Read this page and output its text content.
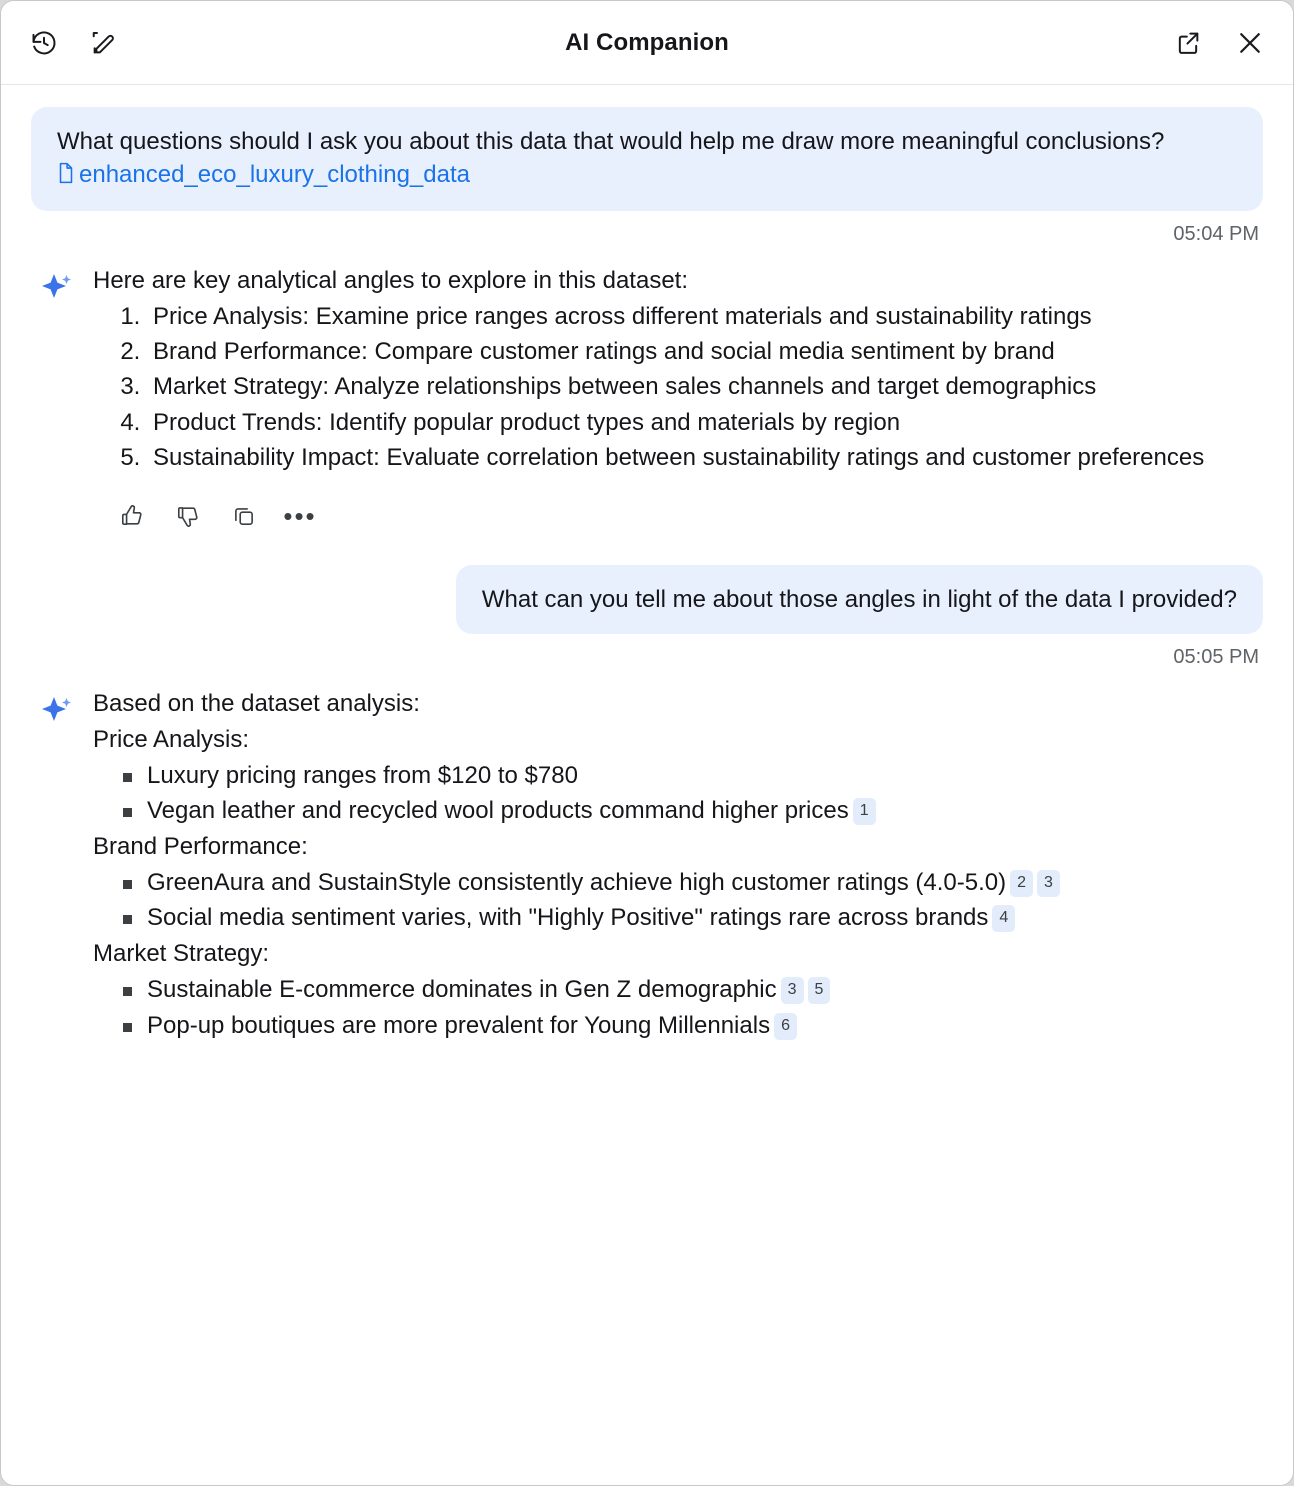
AI Companion
What questions should I ask you about this data that would help me draw more meaningful conclusions? enhanced_eco_luxury_clothing_data
05:04 PM

Here are key analytical angles to explore in this dataset:

1. Price Analysis: Examine price ranges across different materials and sustainability ratings
2. Brand Performance: Compare customer ratings and social media sentiment by brand
3. Market Strategy: Analyze relationships between sales channels and target demographics
4. Product Trends: Identify popular product types and materials by region
5. Sustainability Impact: Evaluate correlation between sustainability ratings and customer preferences
•••
What can you tell me about those angles in light of the data I provided?
05:05 PM

Based on the dataset analysis:

Price Analysis:

Luxury pricing ranges from $120 to $780
Vegan leather and recycled wool products command higher prices 1

Brand Performance:

GreenAura and SustainStyle consistently achieve high customer ratings (4.0-5.0) 2 3
Social media sentiment varies, with "Highly Positive" ratings rare across brands 4

Market Strategy:

Sustainable E-commerce dominates in Gen Z demographic 3 5
Pop-up boutiques are more prevalent for Young Millennials 6
